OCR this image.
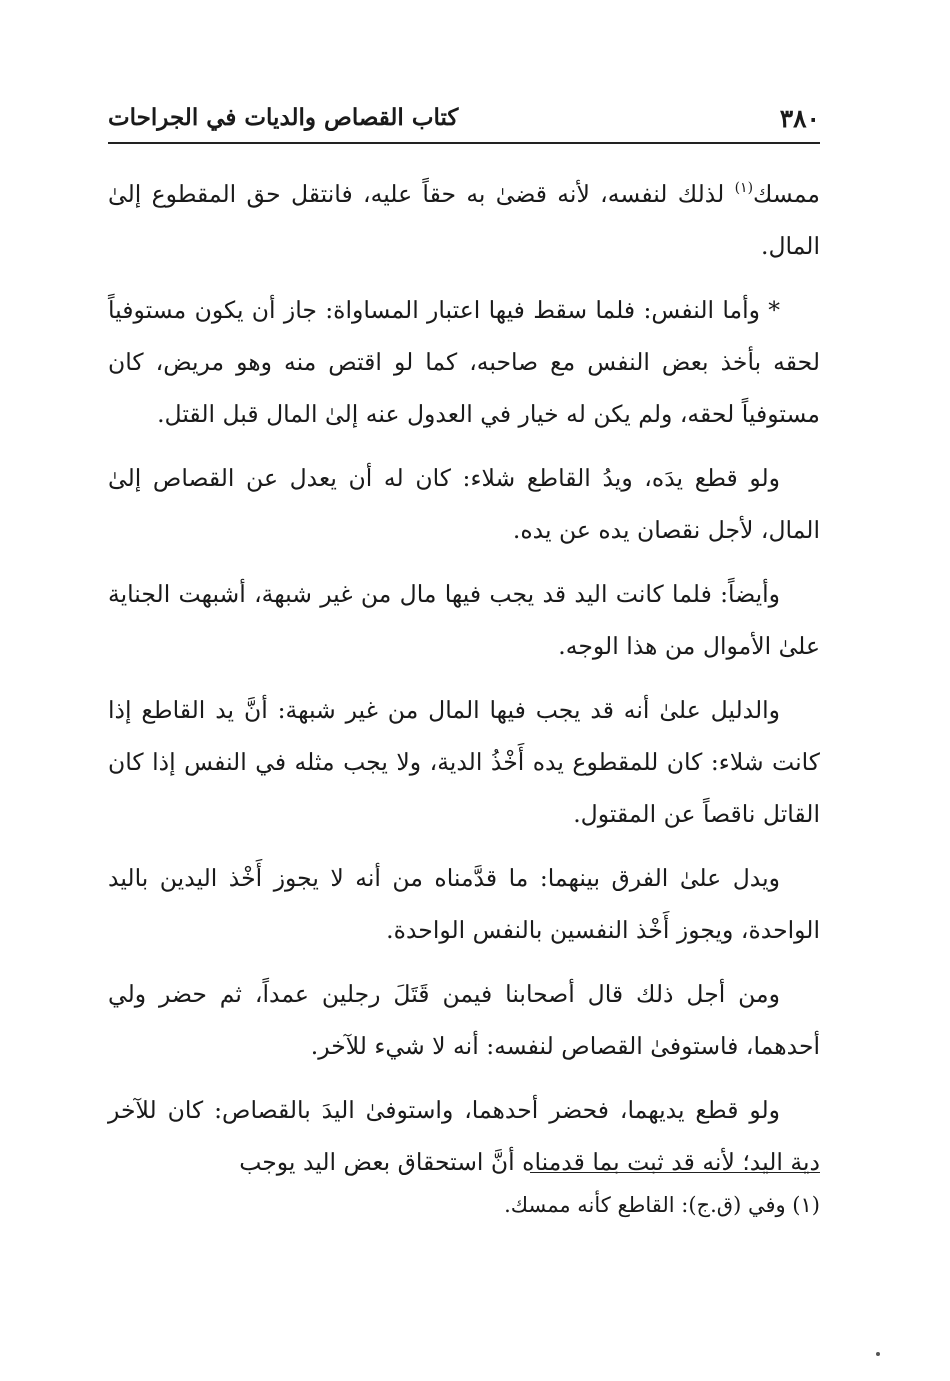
٣٨٠
كتاب القصاص والديات في الجراحات

ممسك$^{(١)}$ لذلك لنفسه، لأنه قضىٰ به حقاً عليه، فانتقل حق المقطوع إلىٰ المال.

* وأما النفس: فلما سقط فيها اعتبار المساواة: جاز أن يكون مستوفياً لحقه بأخذ بعض النفس مع صاحبه، كما لو اقتص منه وهو مريض، كان مستوفياً لحقه، ولم يكن له خيار في العدول عنه إلىٰ المال قبل القتل.

ولو قطع يدَه، ويدُ القاطع شلاء: كان له أن يعدل عن القصاص إلىٰ المال، لأجل نقصان يده عن يده.

وأيضاً: فلما كانت اليد قد يجب فيها مال من غير شبهة، أشبهت الجناية علىٰ الأموال من هذا الوجه.

والدليل علىٰ أنه قد يجب فيها المال من غير شبهة: أنَّ يد القاطع إذا كانت شلاء: كان للمقطوع يده أَخْذُ الدية، ولا يجب مثله في النفس إذا كان القاتل ناقصاً عن المقتول.

ويدل علىٰ الفرق بينهما: ما قدَّمناه من أنه لا يجوز أَخْذ اليدين باليد الواحدة، ويجوز أَخْذ النفسين بالنفس الواحدة.

ومن أجل ذلك قال أصحابنا فيمن قَتَلَ رجلين عمداً، ثم حضر ولي أحدهما، فاستوفىٰ القصاص لنفسه: أنه لا شيء للآخر.

ولو قطع يديهما، فحضر أحدهما، واستوفىٰ اليدَ بالقصاص: كان للآخر دية اليد؛ لأنه قد ثبت بما قدمناه أنَّ استحقاق بعض اليد يوجب

(١) وفي (ق.ج): القاطع كأنه ممسك.
